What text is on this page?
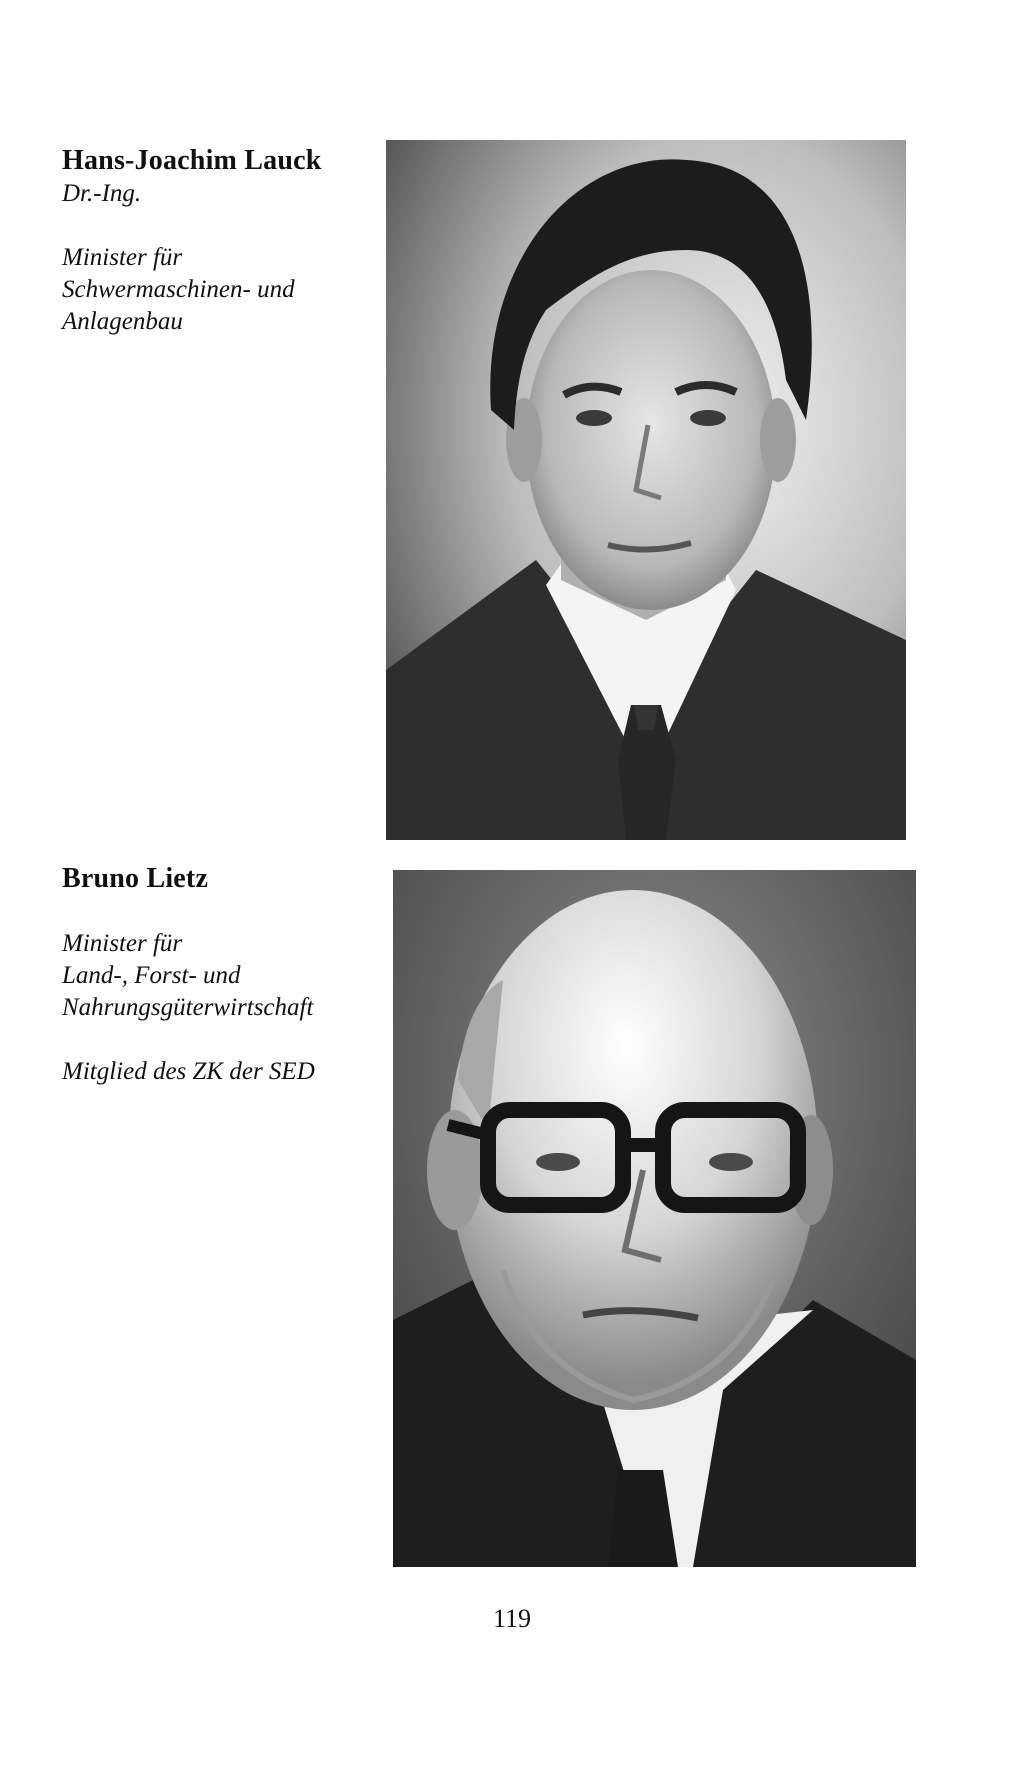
Hans-Joachim Lauck

Dr.-Ing.

Minister für

Schwermaschinen- und

Anlagenbau

Bruno Lietz

Minister für

Land-, Forst- und

Nahrungsgüterwirtschaft

Mitglied des ZK der SED

119
